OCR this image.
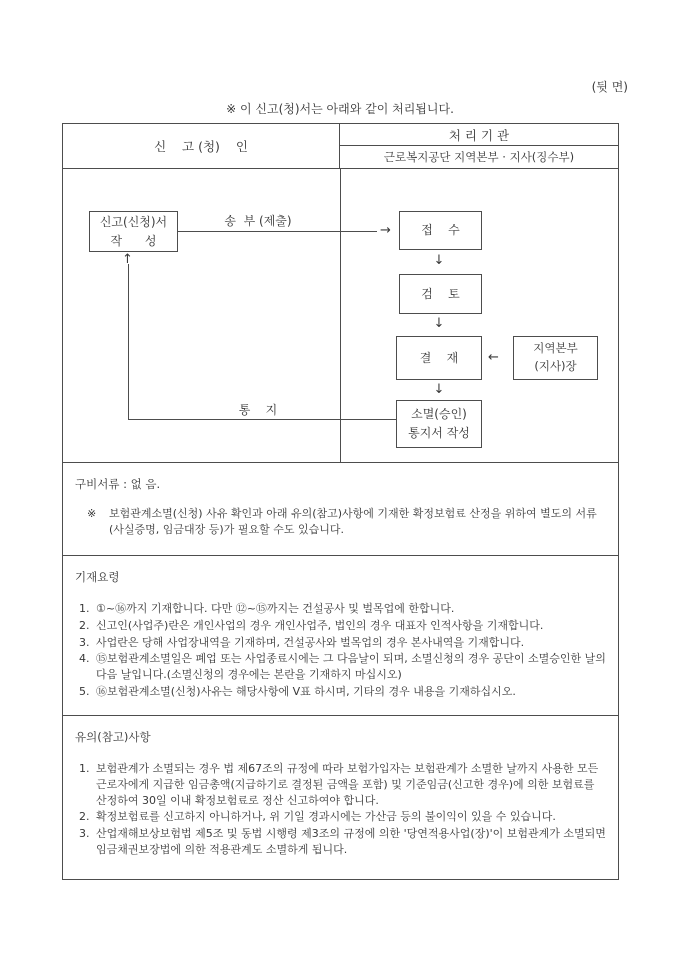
(뒷 면)
※ 이 신고(청)서는 아래와 같이 처리됩니다.
신    고 (청)    인
처 리 기 관
근로복지공단 지역본부 · 지사(징수부)
신고(신청)서
작      성
송  부 (제출)
→	접    수
↓
검    토
↓
결    재 ←
지역본부
(지사)장
↓
소멸(승인)
통지서 작성
통    지
↑
구비서류 : 없 음.
※	보험관계소멸(신청) 사유 확인과 아래 유의(참고)사항에 기재한 확정보험료 산정을 위하여 별도의 서류(사실증명, 임금대장 등)가 필요할 수도 있습니다.
기재요령
1. ①~⑯까지 기재합니다. 다만 ⑫~⑮까지는 건설공사 및 벌목업에 한합니다.
2. 신고인(사업주)란은 개인사업의 경우 개인사업주, 법인의 경우 대표자 인적사항을 기재합니다.
3. 사업란은 당해 사업장내역을 기재하며, 건설공사와 벌목업의 경우 본사내역을 기재합니다.
4. ⑮보험관계소멸일은 폐업 또는 사업종료시에는 그 다음날이 되며, 소멸신청의 경우 공단이 소멸승인한 날의 다음 날입니다.(소멸신청의 경우에는 본란을 기재하지 마십시오)
5. ⑯보험관계소멸(신청)사유는 해당사항에 V표 하시며, 기타의 경우 내용을 기재하십시오.
유의(참고)사항
1. 보험관계가 소멸되는 경우 법 제67조의 규정에 따라 보험가입자는 보험관계가 소멸한 날까지 사용한 모든 근로자에게 지급한 임금총액(지급하기로 결정된 금액을 포함) 및 기준임금(신고한 경우)에 의한 보험료를 산정하여 30일 이내 확정보험료로 정산 신고하여야 합니다.
2. 확정보험료를 신고하지 아니하거나, 위 기일 경과시에는 가산금 등의 불이익이 있을 수 있습니다.
3. 산업재해보상보험법 제5조 및 동법 시행령 제3조의 규정에 의한 '당연적용사업(장)'이 보험관계가 소멸되면 임금채권보장법에 의한 적용관계도 소멸하게 됩니다.
